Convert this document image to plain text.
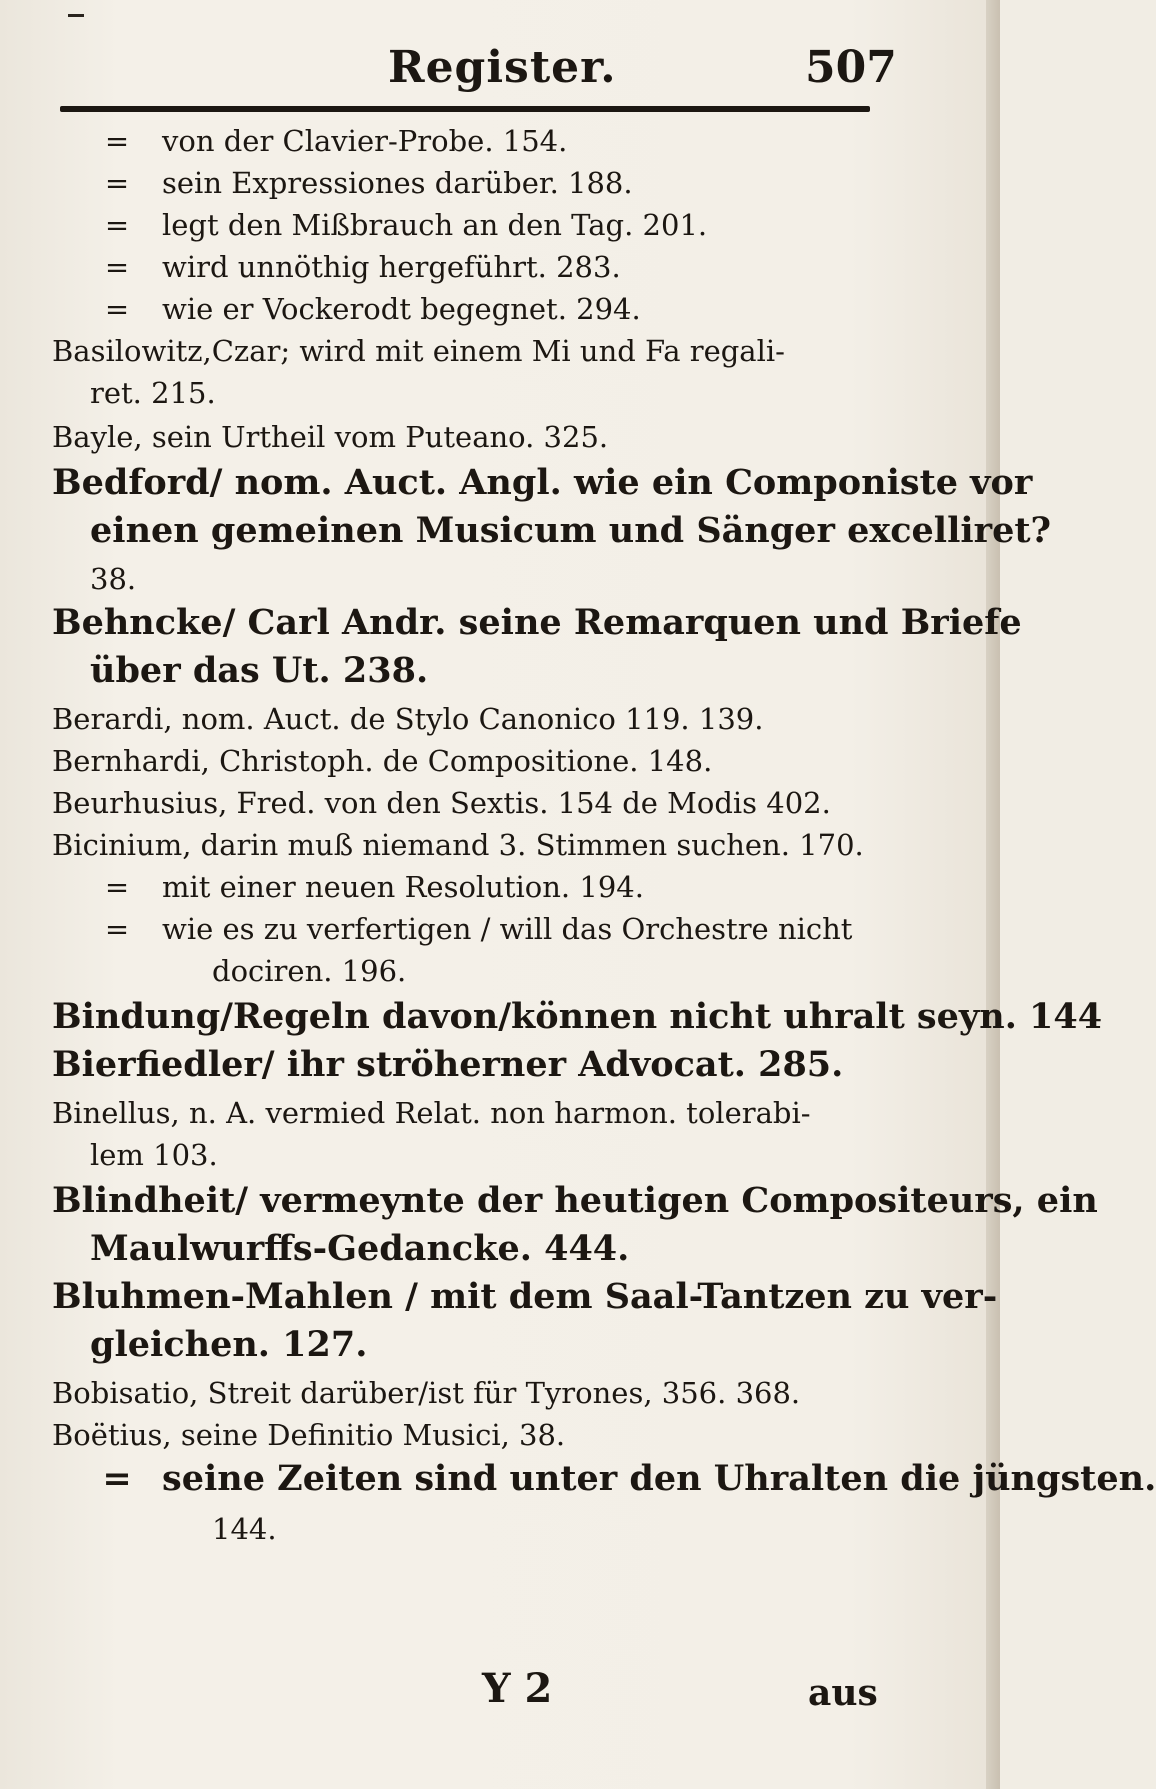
Register.	507
= von der Clavier-Probe. 154.
= sein Expressiones darüber. 188.
= legt den Mißbrauch an den Tag. 201.
= wird unnöthig hergeführt. 283.
= wie er Vockerodt begegnet. 294.
Basilowitz,Czar; wird mit einem Mi und Fa regali-
ret. 215.
Bayle, sein Urtheil vom Puteano. 325.
Bedford/ nom. Auct. Angl. wie ein Componiste vor
einen gemeinen Musicum und Sänger excelliret?
38.
Behncke/ Carl Andr. seine Remarquen und Briefe
über das Ut. 238.
Berardi, nom. Auct. de Stylo Canonico 119. 139.
Bernhardi, Christoph. de Compositione. 148.
Beurhusius, Fred. von den Sextis. 154 de Modis 402.
Bicinium, darin muß niemand 3. Stimmen suchen. 170.
= mit einer neuen Resolution. 194.
= wie es zu verfertigen / will das Orchestre nicht
dociren. 196.
Bindung/Regeln davon/können nicht uhralt seyn. 144
Bierfiedler/ ihr ströherner Advocat. 285.
Binellus, n. A. vermied Relat. non harmon. tolerabi-
lem 103.
Blindheit/ vermeynte der heutigen Compositeurs, ein
Maulwurffs-Gedancke. 444.
Bluhmen-Mahlen / mit dem Saal-Tantzen zu ver-
gleichen. 127.
Bobisatio, Streit darüber/ist für Tyrones, 356. 368.
Boëtius, seine Definitio Musici, 38.
= seine Zeiten sind unter den Uhralten die jüngsten.
144.
Y 2	aus
